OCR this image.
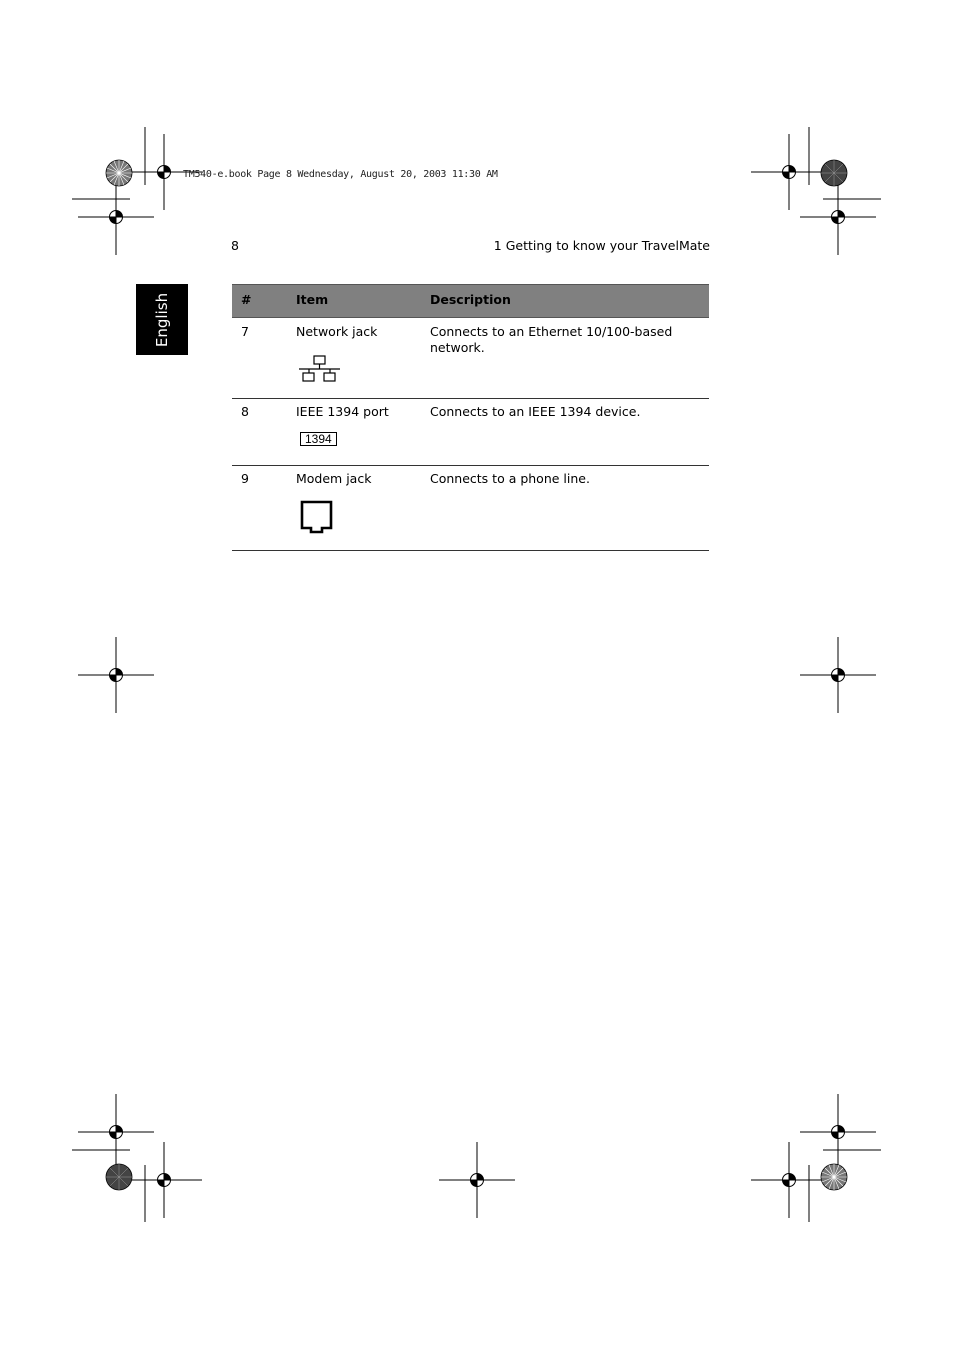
TM540-e.book Page 8 Wednesday, August 20, 2003 11:30 AM
8	1 Getting to know your TravelMate
English	#	Item	Description
7	Network jack	Connects to an Ethernet 10/100-based network.
8	IEEE 1394 port	Connects to an IEEE 1394 device.
1394
9	Modem jack	Connects to a phone line.
